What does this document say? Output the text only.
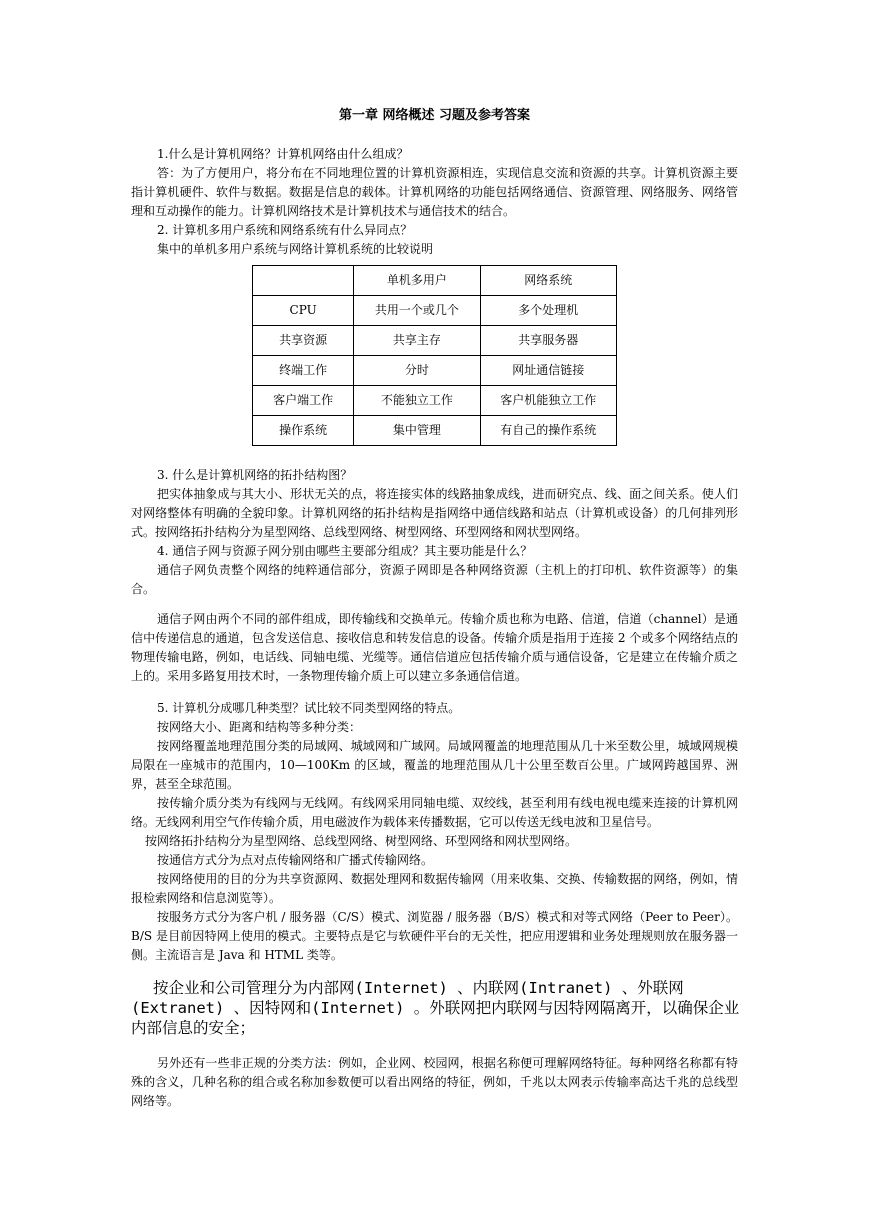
第一章 网络概述 习题及参考答案

1.什么是计算机网络？计算机网络由什么组成？

答：为了方便用户，将分布在不同地理位置的计算机资源相连，实现信息交流和资源的共享。计算机资源主要指计算机硬件、软件与数据。数据是信息的载体。计算机网络的功能包括网络通信、资源管理、网络服务、网络管理和互动操作的能力。计算机网络技术是计算机技术与通信技术的结合。

2. 计算机多用户系统和网络系统有什么异同点？

集中的单机多用户系统与网络计算机系统的比较说明

	单机多用户	网络系统
CPU	共用一个或几个	多个处理机
共享资源	共享主存	共享服务器
终端工作	分时	网址通信链接
客户端工作	不能独立工作	客户机能独立工作
操作系统	集中管理	有自己的操作系统

3. 什么是计算机网络的拓扑结构图？

把实体抽象成与其大小、形状无关的点，将连接实体的线路抽象成线，进而研究点、线、面之间关系。使人们对网络整体有明确的全貌印象。计算机网络的拓扑结构是指网络中通信线路和站点（计算机或设备）的几何排列形式。按网络拓扑结构分为星型网络、总线型网络、树型网络、环型网络和网状型网络。

4. 通信子网与资源子网分别由哪些主要部分组成？其主要功能是什么？

通信子网负责整个网络的纯粹通信部分，资源子网即是各种网络资源（主机上的打印机、软件资源等）的集合。

通信子网由两个不同的部件组成，即传输线和交换单元。传输介质也称为电路、信道，信道（channel）是通信中传递信息的通道，包含发送信息、接收信息和转发信息的设备。传输介质是指用于连接 2 个或多个网络结点的物理传输电路，例如，电话线、同轴电缆、光缆等。通信信道应包括传输介质与通信设备，它是建立在传输介质之上的。采用多路复用技术时，一条物理传输介质上可以建立多条通信信道。

5. 计算机分成哪几种类型？试比较不同类型网络的特点。

按网络大小、距离和结构等多种分类：

按网络覆盖地理范围分类的局域网、城域网和广域网。局域网覆盖的地理范围从几十米至数公里，城域网规模局限在一座城市的范围内，10—100Km 的区域，覆盖的地理范围从几十公里至数百公里。广域网跨越国界、洲界，甚至全球范围。

按传输介质分类为有线网与无线网。有线网采用同轴电缆、双绞线，甚至利用有线电视电缆来连接的计算机网络。无线网利用空气作传输介质，用电磁波作为载体来传播数据，它可以传送无线电波和卫星信号。

按网络拓扑结构分为星型网络、总线型网络、树型网络、环型网络和网状型网络。

按通信方式分为点对点传输网络和广播式传输网络。

按网络使用的目的分为共享资源网、数据处理网和数据传输网（用来收集、交换、传输数据的网络，例如，情报检索网络和信息浏览等）。

按服务方式分为客户机 / 服务器（C/S）模式、浏览器 / 服务器（B/S）模式和对等式网络（Peer to Peer）。B/S 是目前因特网上使用的模式。主要特点是它与软硬件平台的无关性，把应用逻辑和业务处理规则放在服务器一侧。主流语言是 Java 和 HTML 类等。

按企业和公司管理分为内部网(Internet) 、内联网(Intranet) 、外联网(Extranet) 、因特网和(Internet) 。外联网把内联网与因特网隔离开，以确保企业内部信息的安全；

另外还有一些非正规的分类方法：例如，企业网、校园网，根据名称便可理解网络特征。每种网络名称都有特殊的含义，几种名称的组合或名称加参数便可以看出网络的特征，例如，千兆以太网表示传输率高达千兆的总线型网络等。
